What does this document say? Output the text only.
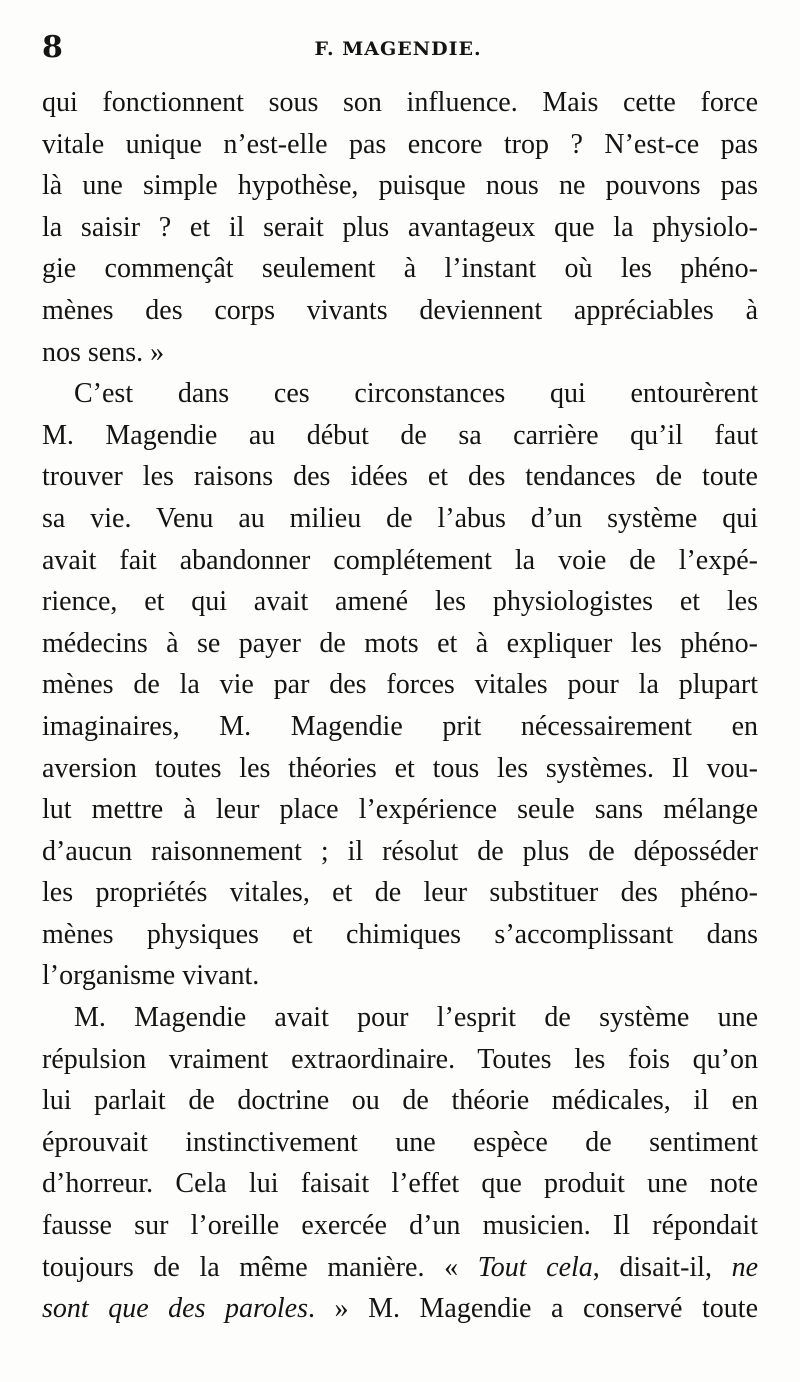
8	F. MAGENDIE.
qui fonctionnent sous son influence. Mais cette force
vitale unique n’est-elle pas encore trop ? N’est-ce pas
là une simple hypothèse, puisque nous ne pouvons pas
la saisir ? et il serait plus avantageux que la physiolo-
gie commençât seulement à l’instant où les phéno-
mènes des corps vivants deviennent appréciables à
nos sens. »
C’est dans ces circonstances qui entourèrent
M. Magendie au début de sa carrière qu’il faut
trouver les raisons des idées et des tendances de toute
sa vie. Venu au milieu de l’abus d’un système qui
avait fait abandonner complétement la voie de l’expé-
rience, et qui avait amené les physiologistes et les
médecins à se payer de mots et à expliquer les phéno-
mènes de la vie par des forces vitales pour la plupart
imaginaires, M. Magendie prit nécessairement en
aversion toutes les théories et tous les systèmes. Il vou-
lut mettre à leur place l’expérience seule sans mélange
d’aucun raisonnement ; il résolut de plus de déposséder
les propriétés vitales, et de leur substituer des phéno-
mènes physiques et chimiques s’accomplissant dans
l’organisme vivant.
M. Magendie avait pour l’esprit de système une
répulsion vraiment extraordinaire. Toutes les fois qu’on
lui parlait de doctrine ou de théorie médicales, il en
éprouvait instinctivement une espèce de sentiment
d’horreur. Cela lui faisait l’effet que produit une note
fausse sur l’oreille exercée d’un musicien. Il répondait
toujours de la même manière. « Tout cela, disait-il, ne
sont que des paroles. » M. Magendie a conservé toute
